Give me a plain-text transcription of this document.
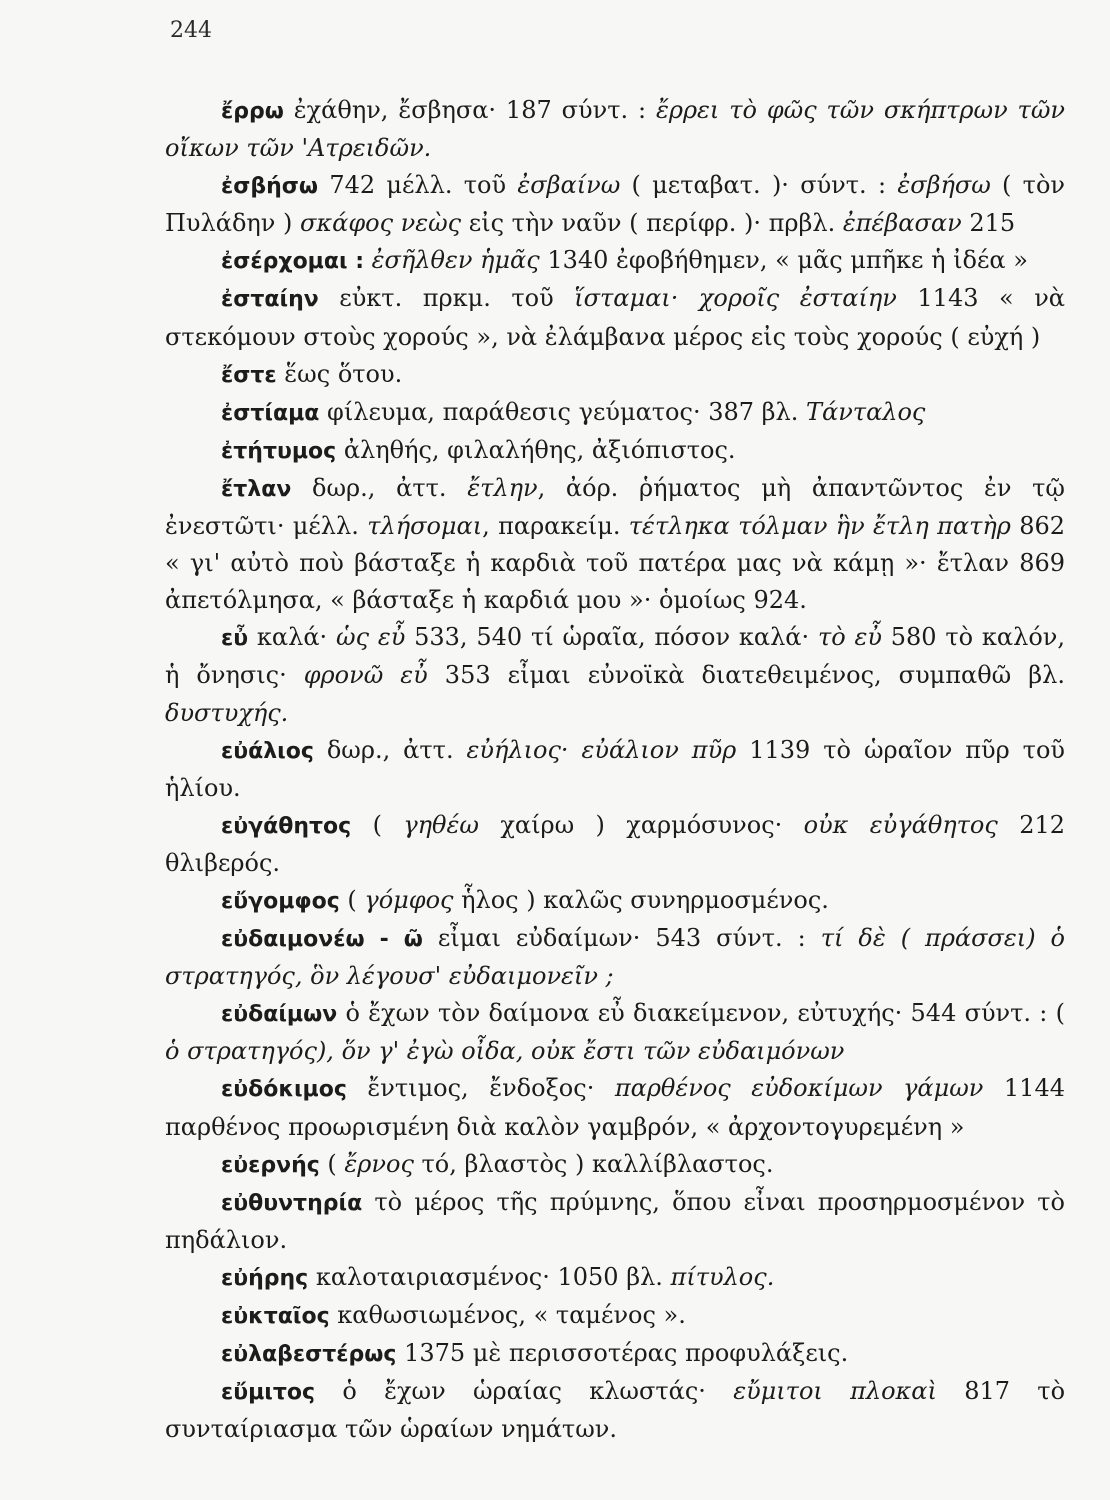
244

ἔρρω ἐχάθην, ἔσβησα· 187 σύντ. : ἔρρει τὸ φῶς τῶν σκήπτρων τῶν οἴκων τῶν 'Ατρειδῶν.

ἐσβήσω 742 μέλλ. τοῦ ἐσβαίνω ( μεταβατ. )· σύντ. : ἐσβήσω ( τὸν Πυλάδην ) σκάφος νεὼς εἰς τὴν ναῦν ( περίφρ. )· πρβλ. ἐπέβασαν 215

ἐσέρχομαι : ἐσῆλθεν ἡμᾶς 1340 ἐφοβήθημεν, « μᾶς μπῆκε ἡ ἰδέα »

ἐσταίην εὐκτ. πρκμ. τοῦ ἵσταμαι· χοροῖς ἐσταίην 1143 « νὰ στεκόμουν στοὺς χορούς », νὰ ἐλάμβανα μέρος εἰς τοὺς χορούς ( εὐχή )

ἔστε ἕως ὅτου.

ἐστίαμα φίλευμα, παράθεσις γεύματος· 387 βλ. Τάνταλος

ἐτήτυμος ἀληθής, φιλαλήθης, ἀξιόπιστος.

ἔτλαν δωρ., ἀττ. ἔτλην, ἀόρ. ῥήματος μὴ ἀπαντῶντος ἐν τῷ ἐνεστῶτι· μέλλ. τλήσομαι, παρακείμ. τέτληκα τόλμαν ἣν ἔτλη πατὴρ 862 « γι' αὐτὸ ποὺ βάσταξε ἡ καρδιὰ τοῦ πατέρα μας νὰ κάμῃ »· ἔτλαν 869 ἀπετόλμησα, « βάσταξε ἡ καρδιά μου »· ὁμοίως 924.

εὖ καλά· ὡς εὖ 533, 540 τί ὡραῖα, πόσον καλά· τὸ εὖ 580 τὸ καλόν, ἡ ὄνησις· φρονῶ εὖ 353 εἶμαι εὐνοϊκὰ διατεθειμένος, συμπαθῶ βλ. δυστυχής.

εὐάλιος δωρ., ἀττ. εὐήλιος· εὐάλιον πῦρ 1139 τὸ ὡραῖον πῦρ τοῦ ἡλίου.

εὐγάθητος ( γηθέω χαίρω ) χαρμόσυνος· οὐκ εὐγάθητος 212 θλιβερός.

εὔγομφος ( γόμφος ἧλος ) καλῶς συνηρμοσμένος.

εὐδαιμονέω - ῶ εἶμαι εὐδαίμων· 543 σύντ. : τί δὲ ( πράσσει) ὁ στρατηγός, ὃν λέγουσ' εὐδαιμονεῖν ;

εὐδαίμων ὁ ἔχων τὸν δαίμονα εὖ διακείμενον, εὐτυχής· 544 σύντ. : ( ὁ στρατηγός), ὅν γ' ἐγὼ οἶδα, οὐκ ἔστι τῶν εὐδαιμόνων

εὐδόκιμος ἔντιμος, ἔνδοξος· παρθένος εὐδοκίμων γάμων 1144 παρθένος προωρισμένη διὰ καλὸν γαμβρόν, « ἀρχοντογυρεμένη »

εὐερνής ( ἔρνος τό, βλαστὸς ) καλλίβλαστος.

εὐθυντηρία τὸ μέρος τῆς πρύμνης, ὅπου εἶναι προσηρμοσμένον τὸ πηδάλιον.

εὐήρης καλοταιριασμένος· 1050 βλ. πίτυλος.

εὐκταῖος καθωσιωμένος, « ταμένος ».

εὐλαβεστέρως 1375 μὲ περισσοτέρας προφυλάξεις.

εὔμιτος ὁ ἔχων ὡραίας κλωστάς· εὔμιτοι πλοκαὶ 817 τὸ συνταίριασμα τῶν ὡραίων νημάτων.
